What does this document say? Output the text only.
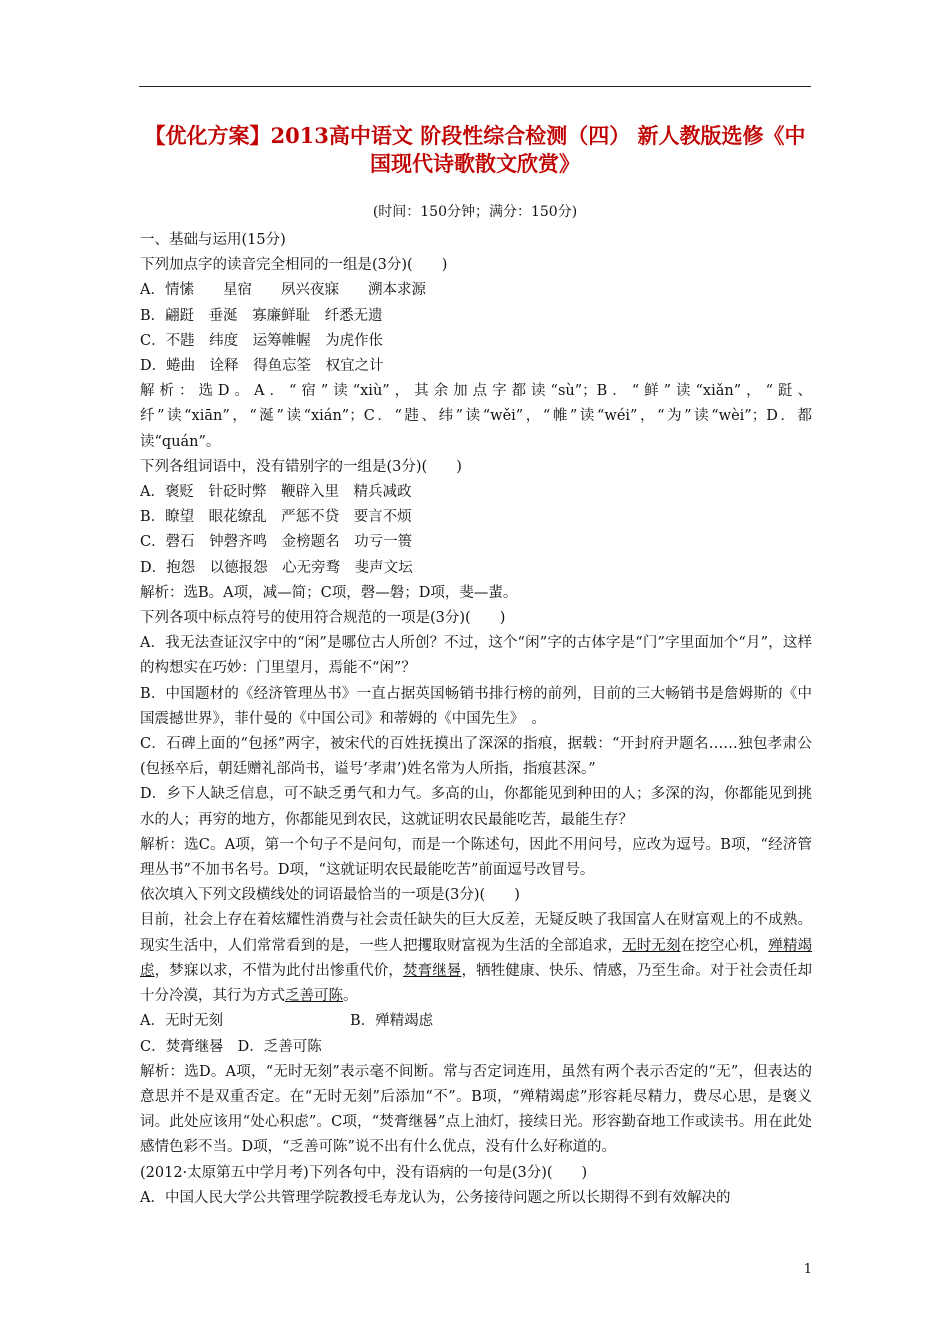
【优化方案】2013高中语文 阶段性综合检测（四） 新人教版选修《中国现代诗歌散文欣赏》
(时间：150分钟；满分：150分)

一、基础与运用(15分)

下列加点字的读音完全相同的一组是(3分)(　　)

A．情愫　　星宿　　夙兴夜寐　　溯本求源

B．翩跹　垂涎　寡廉鲜耻　纤悉无遗

C．不韪　纬度　运筹帷幄　为虎作伥

D．蜷曲　诠释　得鱼忘筌　权宜之计

解析：选D。A．“宿”读“xiù”，其余加点字都读“sù”；B．“鲜”读“xiǎn”，“跹、纤”读“xiān”，“涎”读“xián”；C．“韪、纬”读“wěi”，“帷”读“wéi”，“为”读“wèi”；D．都读“quán”。

下列各组词语中，没有错别字的一组是(3分)(　　)

A．褒贬　针砭时弊　鞭辟入里　精兵减政

B．瞭望　眼花缭乱　严惩不贷　要言不烦

C．磬石　钟磬齐鸣　金榜题名　功亏一篑

D．抱怨　以德报怨　心无旁骛　斐声文坛

解析：选B。A项，减—简；C项，磬—磐；D项，斐—蜚。

下列各项中标点符号的使用符合规范的一项是(3分)(　　)

A．我无法查证汉字中的“闲”是哪位古人所创？不过，这个“闲”字的古体字是“门”字里面加个“月”，这样的构想实在巧妙：门里望月，焉能不“闲”？

B．中国题材的《经济管理丛书》一直占据英国畅销书排行榜的前列，目前的三大畅销书是詹姆斯的《中国震撼世界》，菲什曼的《中国公司》和蒂姆的《中国先生》　。

C．石碑上面的“包拯”两字，被宋代的百姓抚摸出了深深的指痕，据载：“开封府尹题名……独包孝肃公(包拯卒后，朝廷赠礼部尚书，谥号‘孝肃’)姓名常为人所指，指痕甚深。”

D．乡下人缺乏信息，可不缺乏勇气和力气。多高的山，你都能见到种田的人；多深的沟，你都能见到挑水的人；再穷的地方，你都能见到农民，这就证明农民最能吃苦，最能生存？

解析：选C。A项，第一个句子不是问句，而是一个陈述句，因此不用问号，应改为逗号。B项，“经济管理丛书”不加书名号。D项，“这就证明农民最能吃苦”前面逗号改冒号。

依次填入下列文段横线处的词语最恰当的一项是(3分)(　　)

目前，社会上存在着炫耀性消费与社会责任缺失的巨大反差，无疑反映了我国富人在财富观上的不成熟。现实生活中，人们常常看到的是，一些人把攫取财富视为生活的全部追求，无时无刻在挖空心机，殚精竭虑，梦寐以求，不惜为此付出惨重代价，焚膏继晷，牺牲健康、快乐、情感，乃至生命。对于社会责任却十分冷漠，其行为方式乏善可陈。

A．无时无刻	B．殚精竭虑

C．焚膏继晷 D．乏善可陈

解析：选D。A项，“无时无刻”表示毫不间断。常与否定词连用，虽然有两个表示否定的“无”，但表达的意思并不是双重否定。在“无时无刻”后添加“不”。B项，“殚精竭虑”形容耗尽精力，费尽心思，是褒义词。此处应该用“处心积虑”。C项，“焚膏继晷”点上油灯，接续日光。形容勤奋地工作或读书。用在此处感情色彩不当。D项，“乏善可陈”说不出有什么优点，没有什么好称道的。

(2012·太原第五中学月考)下列各句中，没有语病的一句是(3分)(　　)

A．中国人民大学公共管理学院教授毛寿龙认为，公务接待问题之所以长期得不到有效解决的

1
